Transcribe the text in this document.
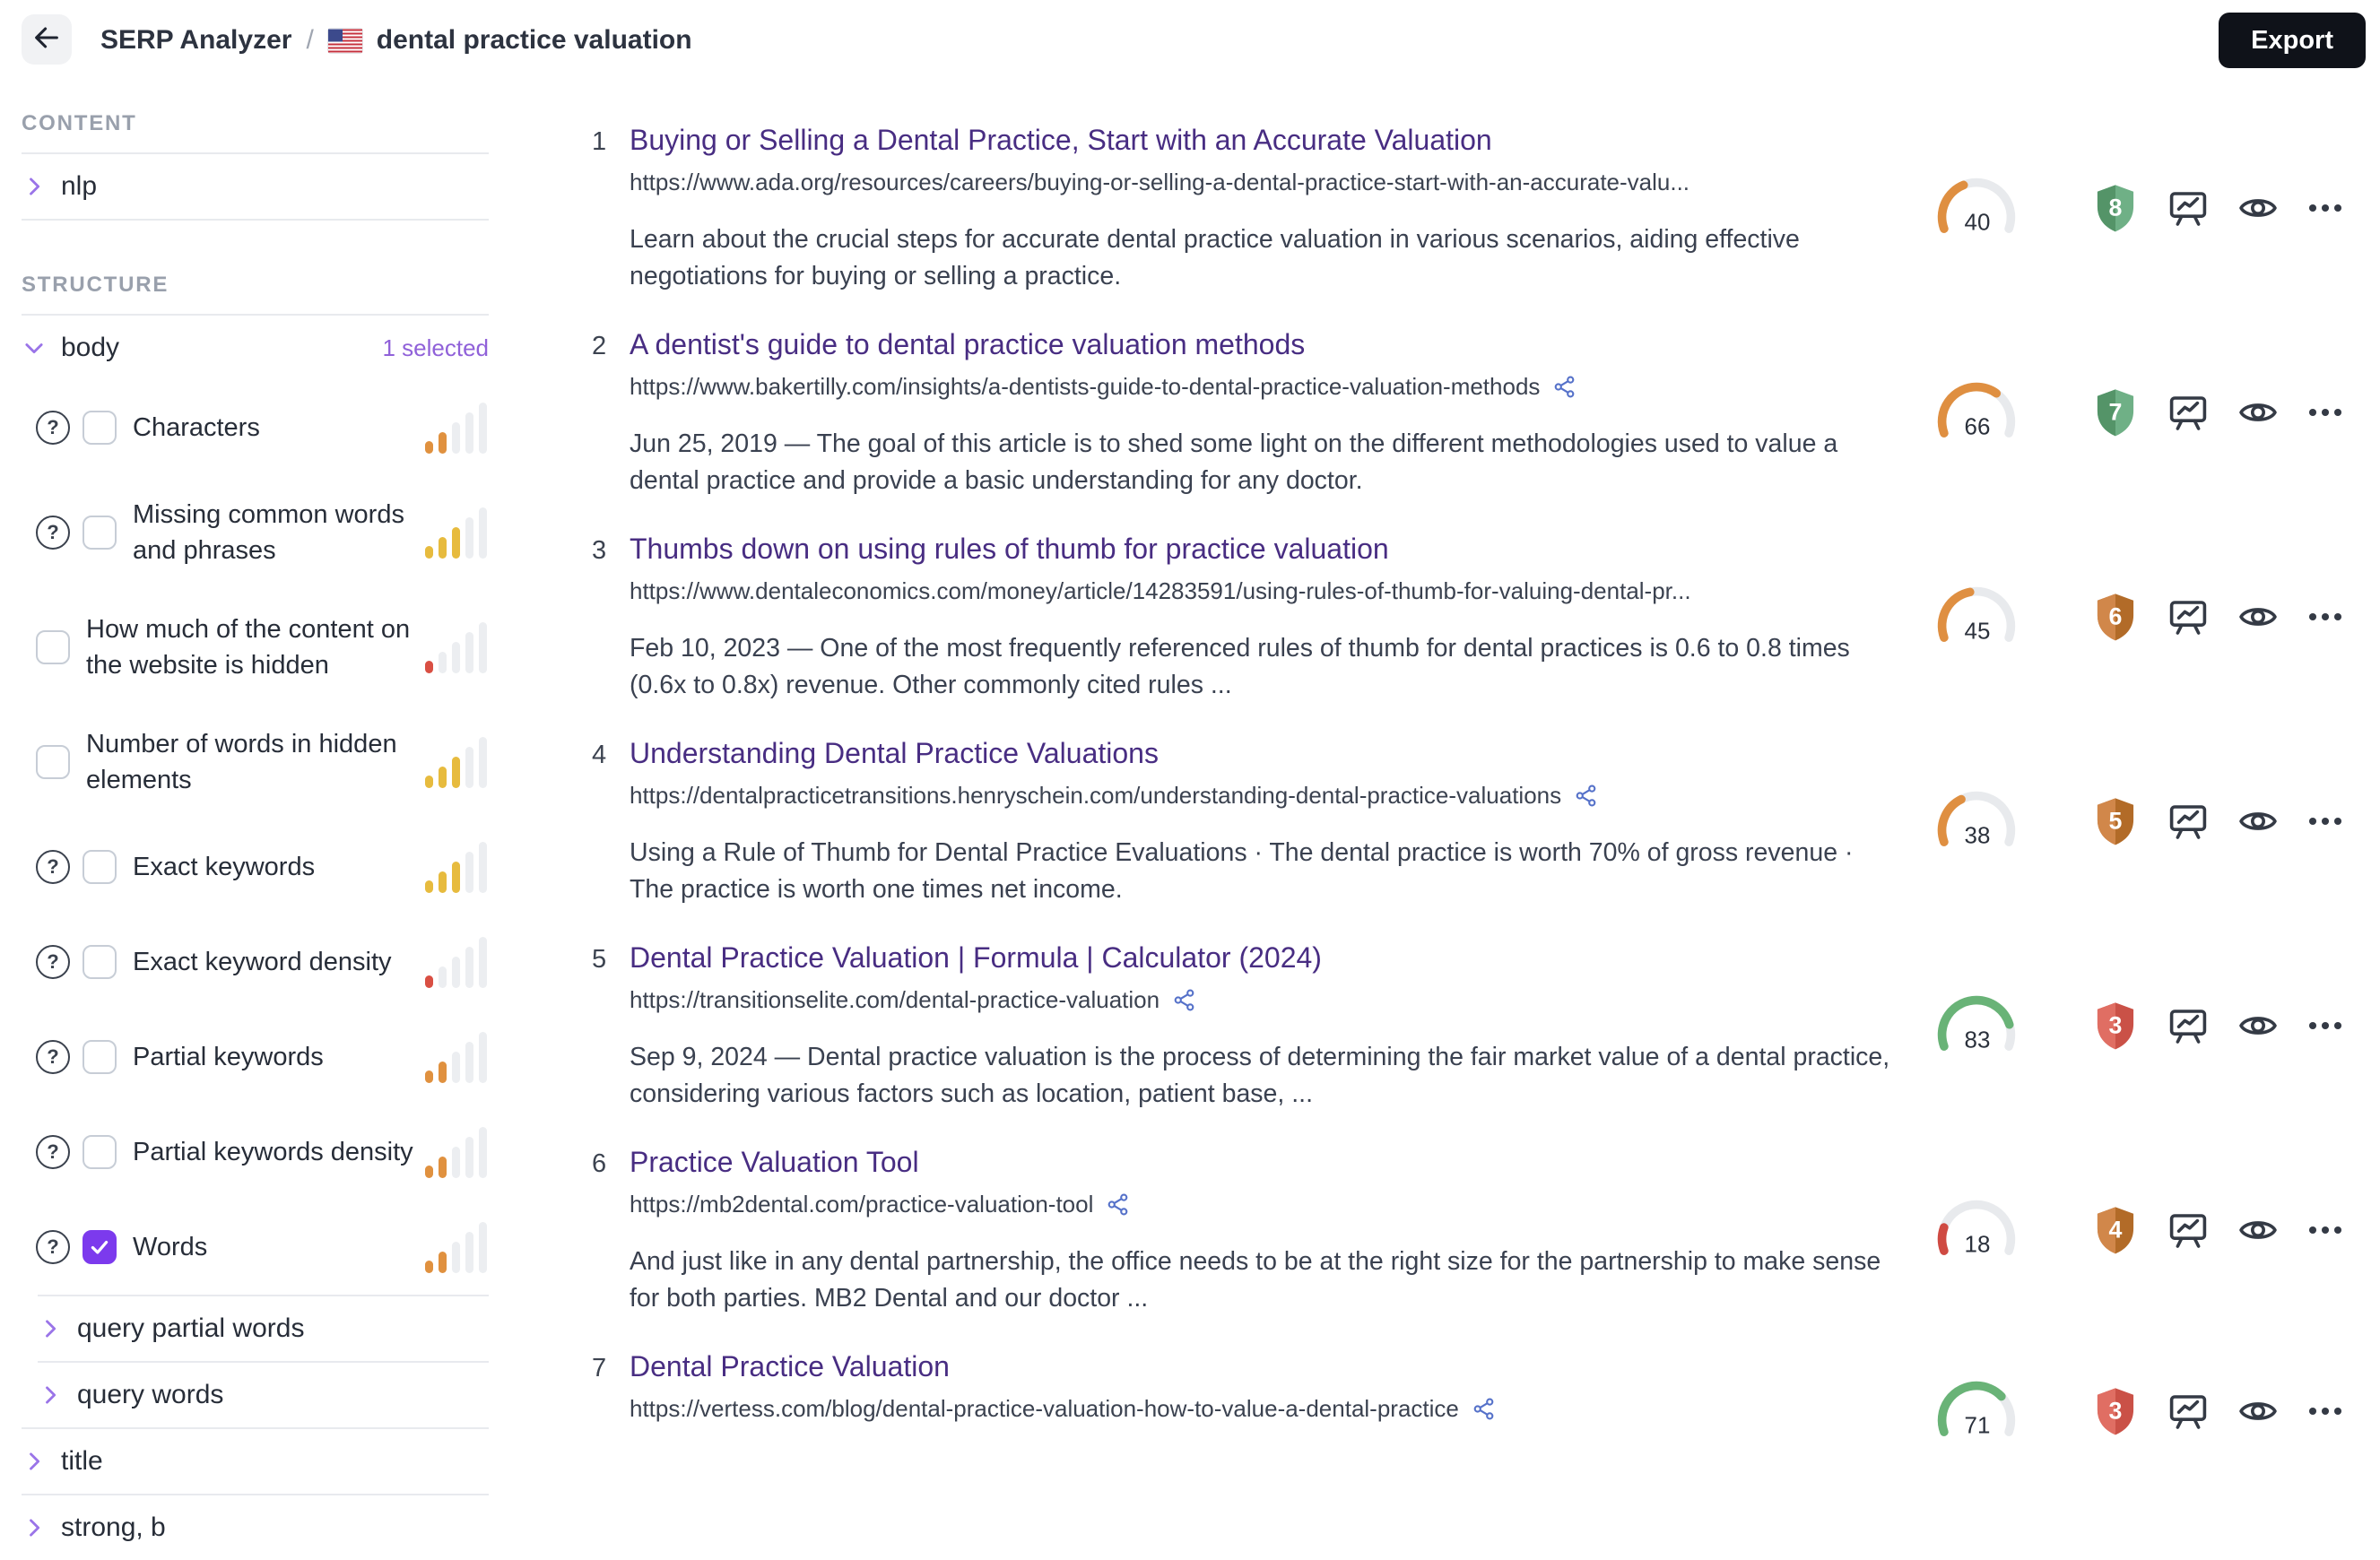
SERP Analyzer / dental practice valuation	Export
CONTENT
nlp
STRUCTURE
body	1 selected
?	Characters
?
Missing common words and phrases
How much of the content on the website is hidden
Number of words in hidden elements
?	Exact keywords
?	Exact keyword density
?	Partial keywords
?	Partial keywords density
?	Words
query partial words
query words
title
strong, b
1 Buying or Selling a Dental Practice, Start with an Accurate Valuation
https://www.ada.org/resources/careers/buying-or-selling-a-dental-practice-start-with-an-accurate-valu...
Learn about the crucial steps for accurate dental practice valuation in various scenarios, aiding effective negotiations for buying or selling a practice.
40
8
2 A dentist's guide to dental practice valuation methods
https://www.bakertilly.com/insights/a-dentists-guide-to-dental-practice-valuation-methods
Jun 25, 2019 — The goal of this article is to shed some light on the different methodologies used to value a dental practice and provide a basic understanding for any doctor.
66
7
3 Thumbs down on using rules of thumb for practice valuation
https://www.dentaleconomics.com/money/article/14283591/using-rules-of-thumb-for-valuing-dental-pr...
Feb 10, 2023 — One of the most frequently referenced rules of thumb for dental practices is 0.6 to 0.8 times (0.6x to 0.8x) revenue. Other commonly cited rules ...
45
6
4 Understanding Dental Practice Valuations
https://dentalpracticetransitions.henryschein.com/understanding-dental-practice-valuations
Using a Rule of Thumb for Dental Practice Evaluations · The dental practice is worth 70% of gross revenue · The practice is worth one times net income.
38
5
5 Dental Practice Valuation | Formula | Calculator (2024)
https://transitionselite.com/dental-practice-valuation
Sep 9, 2024 — Dental practice valuation is the process of determining the fair market value of a dental practice, considering various factors such as location, patient base, ...
83
3
6 Practice Valuation Tool
https://mb2dental.com/practice-valuation-tool
And just like in any dental partnership, the office needs to be at the right size for the partnership to make sense for both parties. MB2 Dental and our doctor ...
18
4
7 Dental Practice Valuation
https://vertess.com/blog/dental-practice-valuation-how-to-value-a-dental-practice
71
3
